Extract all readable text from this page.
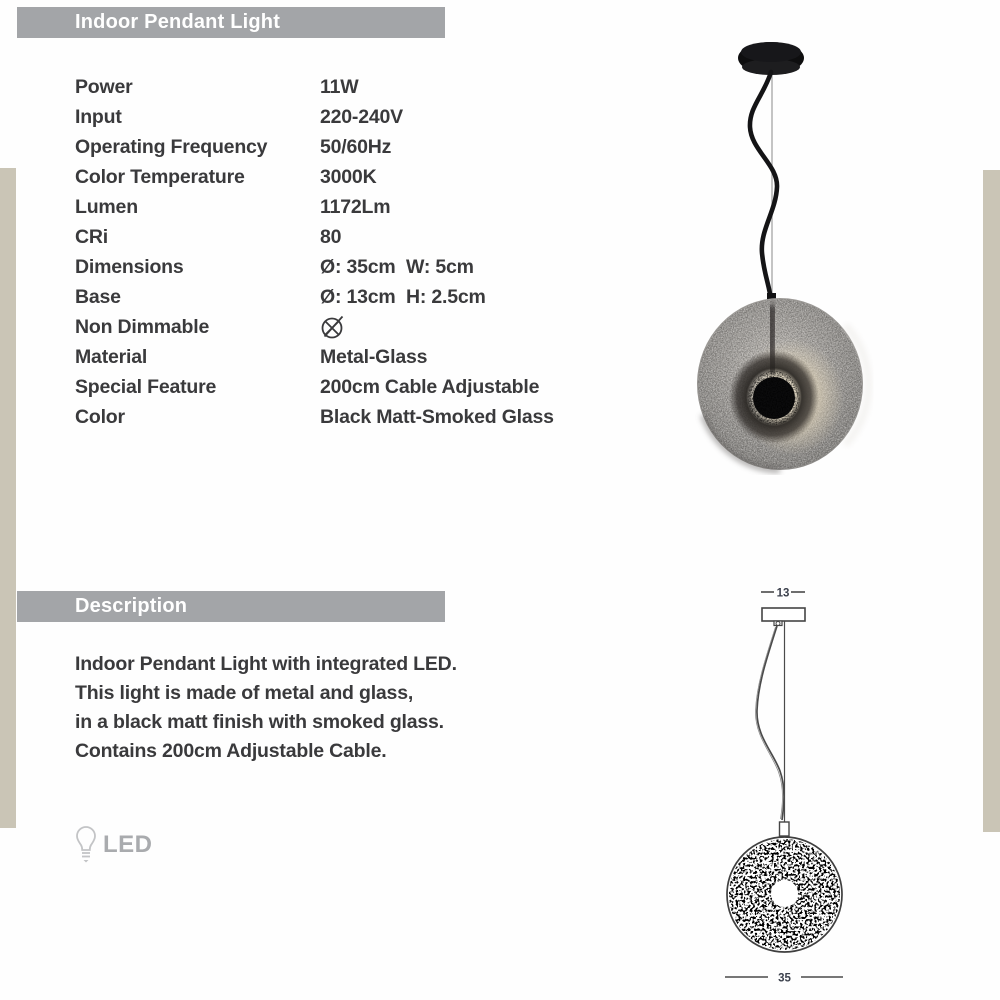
Indoor Pendant Light
Power	11W
Input	220-240V
Operating Frequency	50/60Hz
Color Temperature	3000K
Lumen	1172Lm
CRi	80
Dimensions	Ø: 35cm  W: 5cm
Base	Ø: 13cm  H: 2.5cm
Non Dimmable
Material	Metal-Glass
Special Feature	200cm Cable Adjustable
Color	Black Matt-Smoked Glass
Description
Indoor Pendant Light with integrated LED.
This light is made of metal and glass,
in a black matt finish with smoked glass.
Contains 200cm Adjustable Cable.
LED
13
35
